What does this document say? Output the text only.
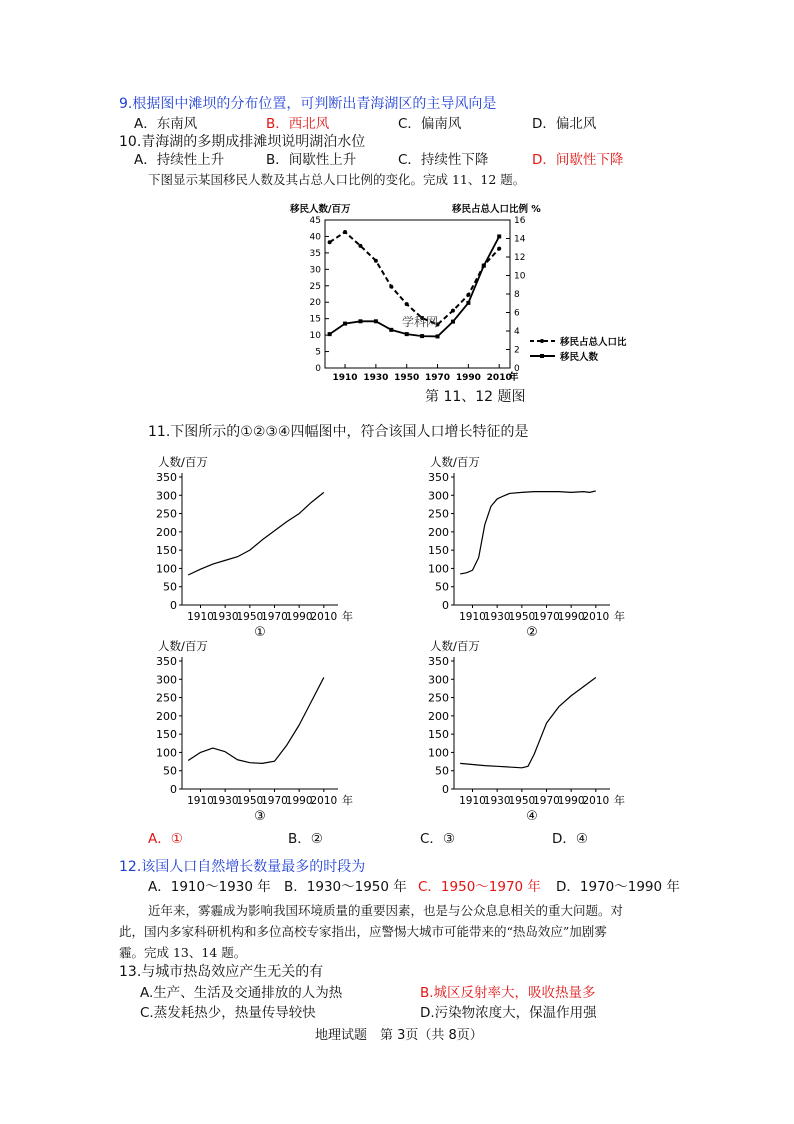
9.根据图中滩坝的分布位置，可判断出青海湖区的主导风向是
A．东南风	B．西北风	C．偏南风	D．偏北风
10.青海湖的多期成排滩坝说明湖泊水位
A．持续性上升	B．间歇性上升	C．持续性下降	D．间歇性下降
下图显示某国移民人数及其占总人口比例的变化。完成 11、12 题。
移民人数/百万	移民占总人口比例 %
0
5
10
15
20
25
30
35
40
45
0
2
4
6
8
10
12
14
16
1910 1930 1950 1970 1990 2010
年
学科网
移民占总人口比
移民人数
第 11、12 题图
11.下图所示的①②③④四幅图中，符合该国人口增长特征的是
人数/百万
0
50
100
150
200
250
300
350
1910
1930
1950
1970
1990
2010 年
①
人数/百万
0
50
100
150
200
250
300
350
1910
1930
1950
1970
1990
2010 年
②
人数/百万
0
50
100
150
200
250
300
350
1910
1930
1950
1970
1990
2010 年
③
人数/百万
0
50
100
150
200
250
300
350
1910
1930
1950
1970
1990
2010 年
④
A．①	B．②	C．③	D．④
12.该国人口自然增长数量最多的时段为
A．1910～1930 年 B．1930～1950 年 C．1950～1970 年 D．1970～1990 年
近年来，雾霾成为影响我国环境质量的重要因素，也是与公众息息相关的重大问题。对
此，国内多家科研机构和多位高校专家指出，应警惕大城市可能带来的“热岛效应”加剧雾
霾。完成 13、14 题。
13.与城市热岛效应产生无关的有
A.生产、生活及交通排放的人为热	B.城区反射率大，吸收热量多
C.蒸发耗热少，热量传导较快	D.污染物浓度大，保温作用强
地理试题　第 3页（共 8页）
